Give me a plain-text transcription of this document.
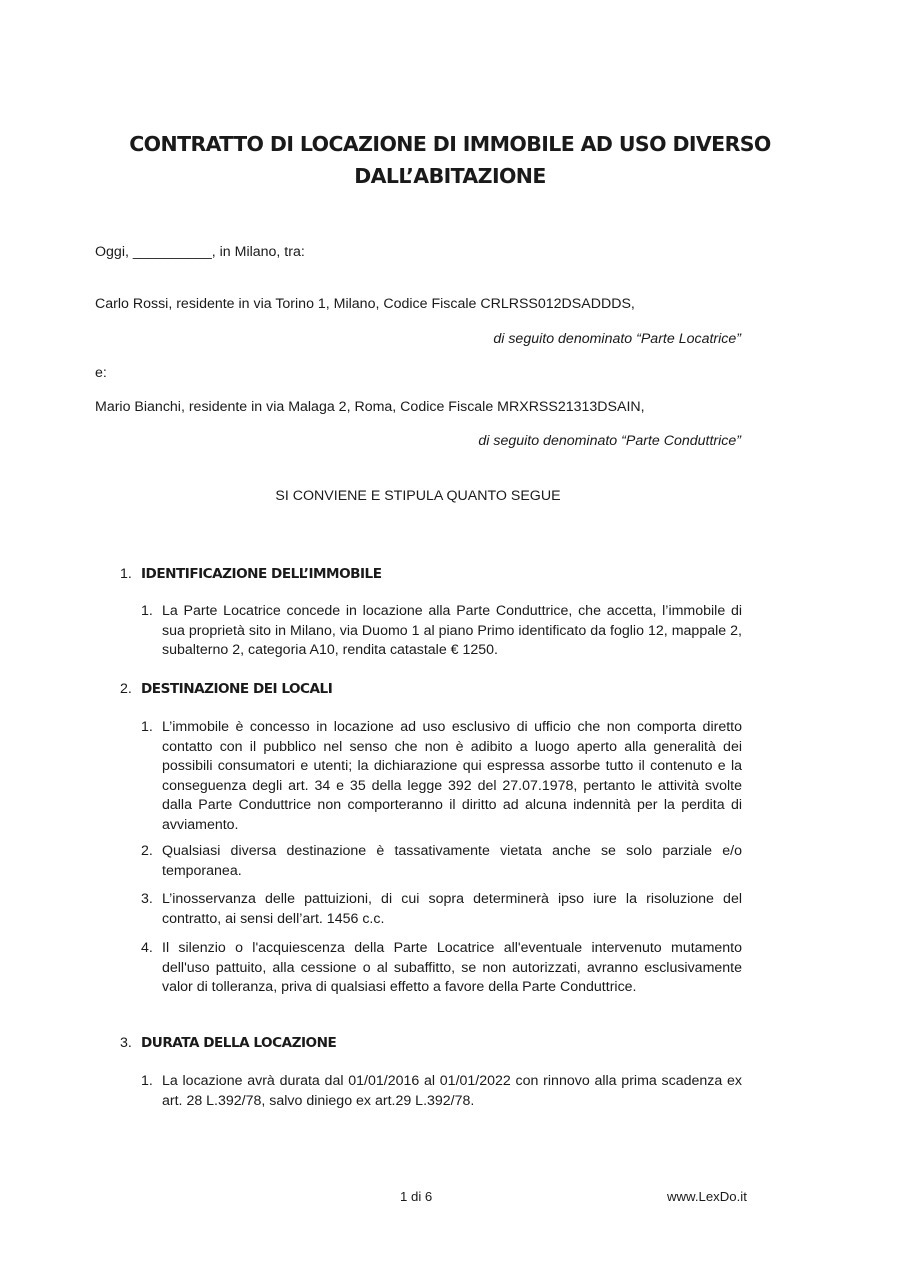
CONTRATTO DI LOCAZIONE DI IMMOBILE AD USO DIVERSO
DALL’ABITAZIONE

Oggi, __________, in Milano, tra:

Carlo Rossi, residente in via Torino 1, Milano, Codice Fiscale CRLRSS012DSADDDS,

di seguito denominato “Parte Locatrice”

e:

Mario Bianchi, residente in via Malaga 2, Roma, Codice Fiscale MRXRSS21313DSAIN,

di seguito denominato “Parte Conduttrice”

SI CONVIENE E STIPULA QUANTO SEGUE

1. IDENTIFICAZIONE DELL’IMMOBILE
1. La Parte Locatrice concede in locazione alla Parte Conduttrice, che accetta, l’immobile di sua proprietà sito in Milano, via Duomo 1 al piano Primo identificato da foglio 12, mappale 2, subalterno 2, categoria A10, rendita catastale € 1250.

2. DESTINAZIONE DEI LOCALI
1. L’immobile è concesso in locazione ad uso esclusivo di ufficio che non comporta diretto contatto con il pubblico nel senso che non è adibito a luogo aperto alla generalità dei possibili consumatori e utenti; la dichiarazione qui espressa assorbe tutto il contenuto e la conseguenza degli art. 34 e 35 della legge 392 del 27.07.1978, pertanto le attività svolte dalla Parte Conduttrice non comporteranno il diritto ad alcuna indennità per la perdita di avviamento.

2. Qualsiasi diversa destinazione è tassativamente vietata anche se solo parziale e/o temporanea.

3. L’inosservanza delle pattuizioni, di cui sopra determinerà ipso iure la risoluzione del contratto, ai sensi dell’art. 1456 c.c.

4. Il silenzio o l'acquiescenza della Parte Locatrice all'eventuale intervenuto mutamento dell'uso pattuito, alla cessione o al subaffitto, se non autorizzati, avranno esclusivamente valor di tolleranza, priva di qualsiasi effetto a favore della Parte Conduttrice.

3. DURATA DELLA LOCAZIONE
1. La locazione avrà durata dal 01/01/2016 al 01/01/2022 con rinnovo alla prima scadenza ex art. 28 L.392/78, salvo diniego ex art.29 L.392/78.

1 di 6	www.LexDo.it
